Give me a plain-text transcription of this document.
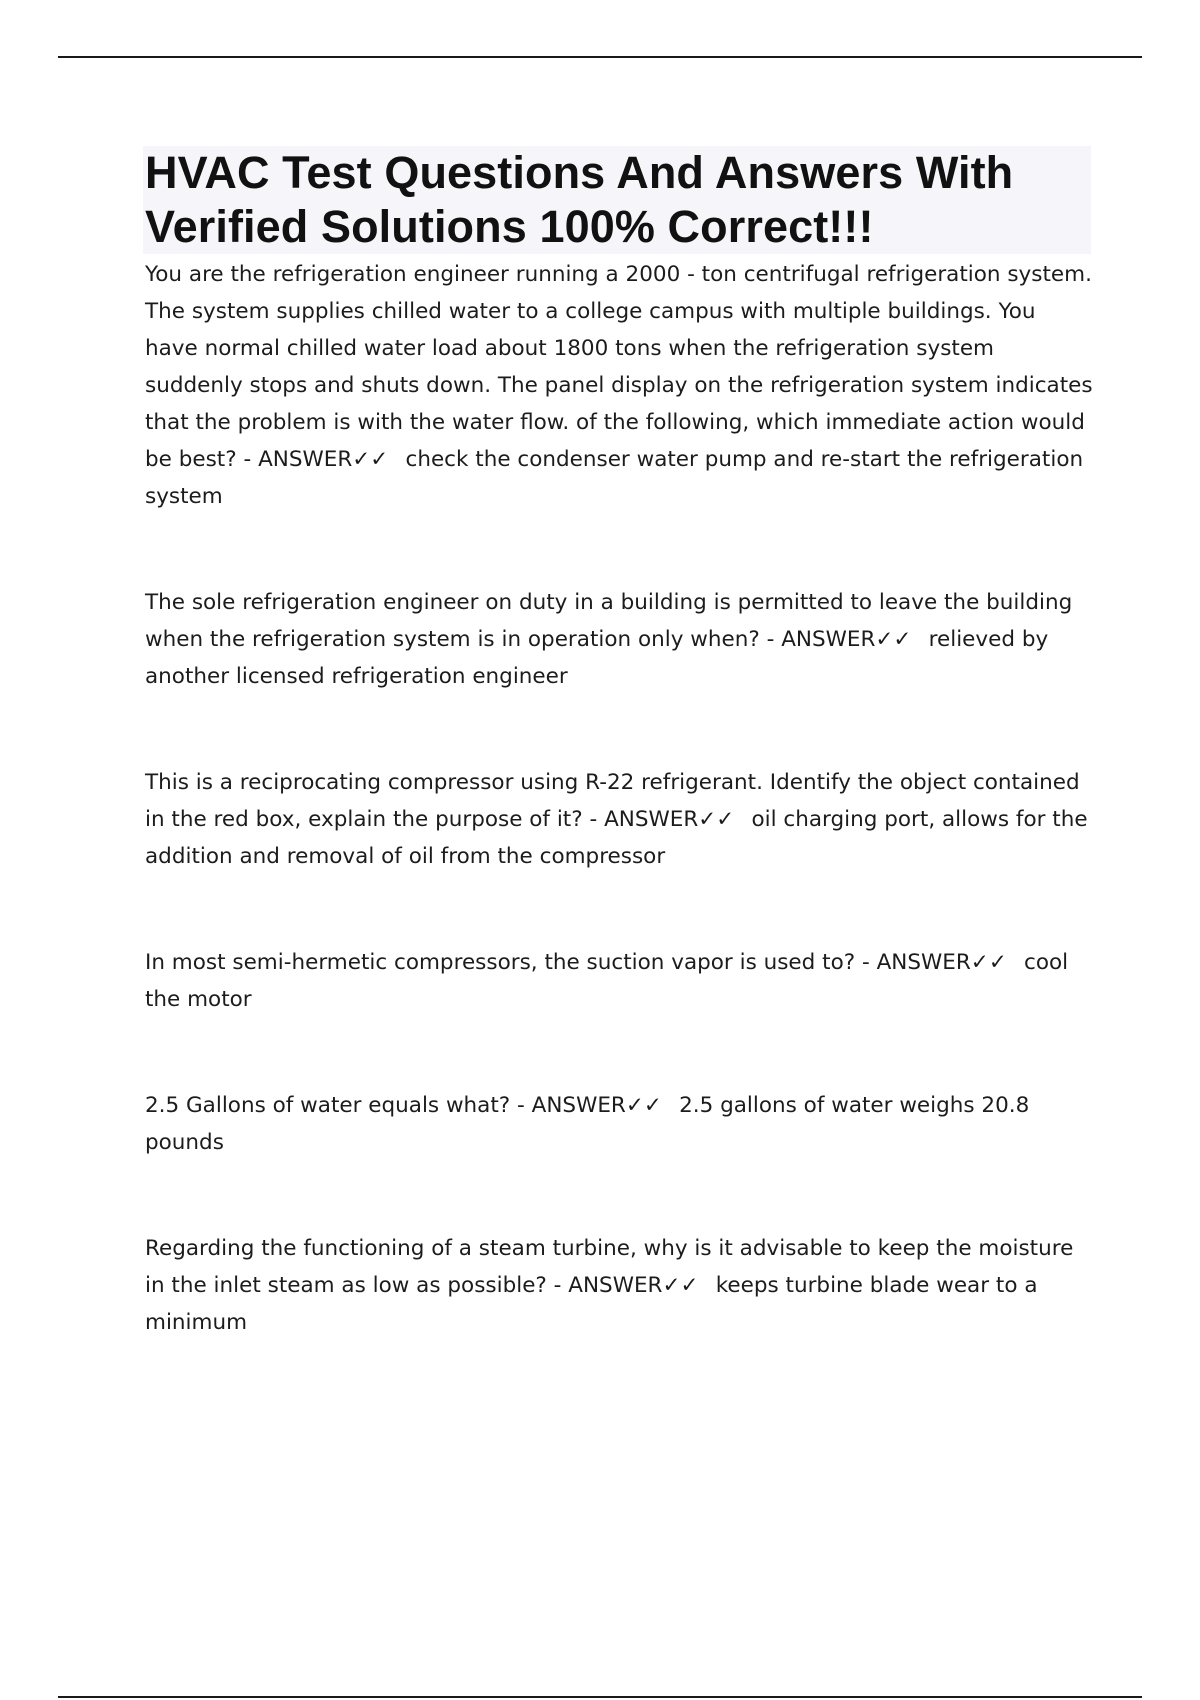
HVAC Test Questions And Answers With Verified Solutions 100% Correct!!!

You are the refrigeration engineer running a 2000 - ton centrifugal refrigeration system. The system supplies chilled water to a college campus with multiple buildings. You have normal chilled water load about 1800 tons when the refrigeration system suddenly stops and shuts down. The panel display on the refrigeration system indicates that the problem is with the water flow. of the following, which immediate action would be best? - ANSWER✓✓ check the condenser water pump and re-start the refrigeration system

The sole refrigeration engineer on duty in a building is permitted to leave the building when the refrigeration system is in operation only when? - ANSWER✓✓ relieved by another licensed refrigeration engineer

This is a reciprocating compressor using R-22 refrigerant. Identify the object contained in the red box, explain the purpose of it? - ANSWER✓✓ oil charging port, allows for the addition and removal of oil from the compressor

In most semi-hermetic compressors, the suction vapor is used to? - ANSWER✓✓ cool the motor

2.5 Gallons of water equals what? - ANSWER✓✓ 2.5 gallons of water weighs 20.8 pounds

Regarding the functioning of a steam turbine, why is it advisable to keep the moisture in the inlet steam as low as possible? - ANSWER✓✓ keeps turbine blade wear to a minimum
